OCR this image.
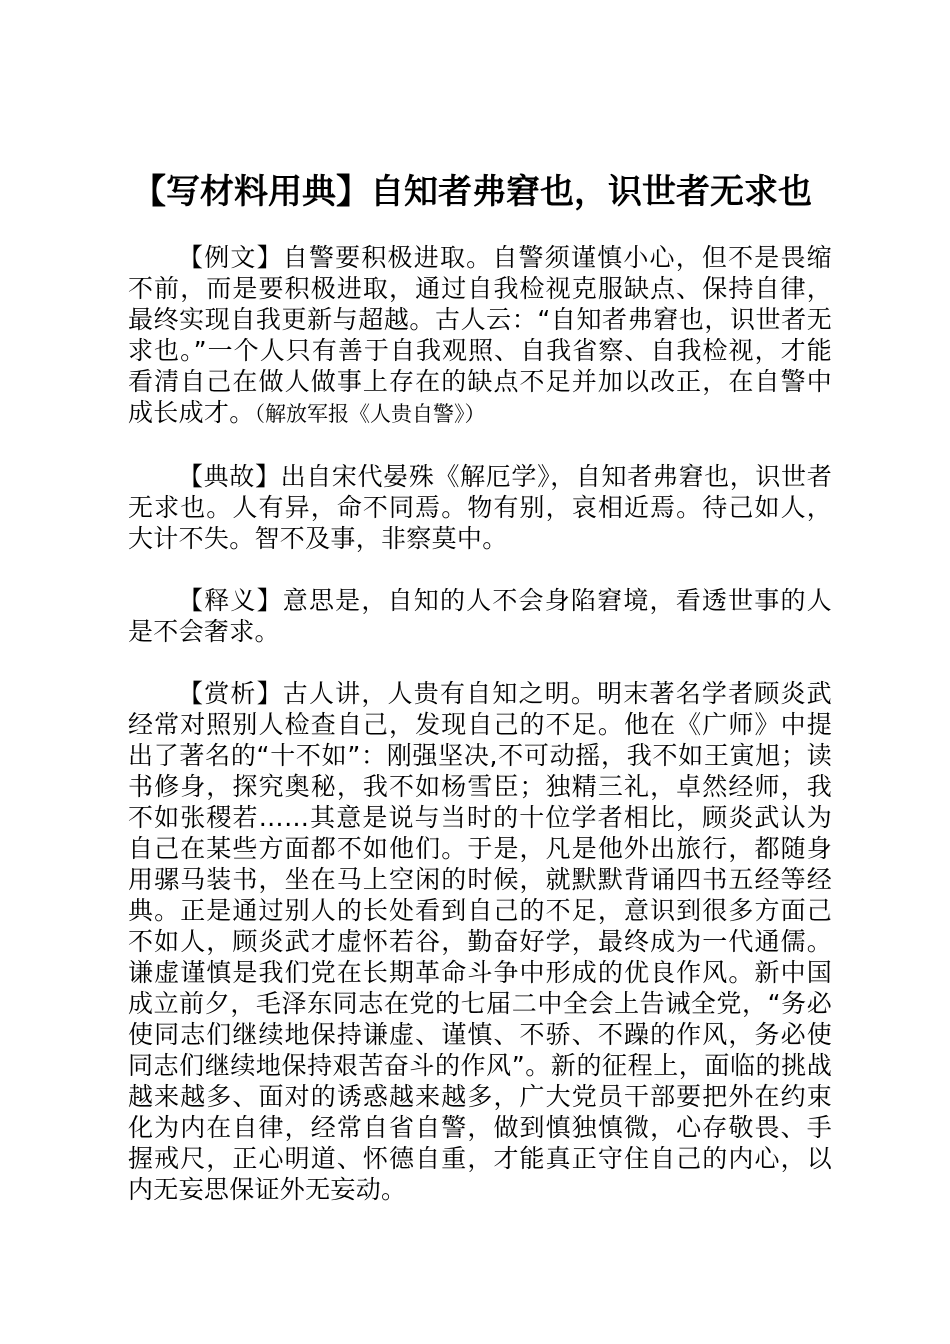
【写材料用典】自知者弗窘也，识世者无求也

【例文】自警要积极进取。自警须谨慎小心，但不是畏缩不前，而是要积极进取，通过自我检视克服缺点、保持自律，最终实现自我更新与超越。古人云：“自知者弗窘也，识世者无求也。”一个人只有善于自我观照、自我省察、自我检视，才能看清自己在做人做事上存在的缺点不足并加以改正，在自警中成长成才。（解放军报《人贵自警》）

【典故】出自宋代晏殊《解厄学》，自知者弗窘也，识世者无求也。人有异，命不同焉。物有别，哀相近焉。待己如人，大计不失。智不及事，非察莫中。

【释义】意思是，自知的人不会身陷窘境，看透世事的人是不会奢求。

【赏析】古人讲，人贵有自知之明。明末著名学者顾炎武经常对照别人检查自己，发现自己的不足。他在《广师》中提出了著名的“十不如”：刚强坚决,不可动摇，我不如王寅旭；读书修身，探究奥秘，我不如杨雪臣；独精三礼，卓然经师，我不如张稷若……其意是说与当时的十位学者相比，顾炎武认为自己在某些方面都不如他们。于是，凡是他外出旅行，都随身用骡马装书，坐在马上空闲的时候，就默默背诵四书五经等经典。正是通过别人的长处看到自己的不足，意识到很多方面己不如人，顾炎武才虚怀若谷，勤奋好学，最终成为一代通儒。谦虚谨慎是我们党在长期革命斗争中形成的优良作风。新中国成立前夕，毛泽东同志在党的七届二中全会上告诫全党，“务必使同志们继续地保持谦虚、谨慎、不骄、不躁的作风，务必使同志们继续地保持艰苦奋斗的作风”。新的征程上，面临的挑战越来越多、面对的诱惑越来越多，广大党员干部要把外在约束化为内在自律，经常自省自警，做到慎独慎微，心存敬畏、手握戒尺，正心明道、怀德自重，才能真正守住自己的内心，以内无妄思保证外无妄动。
